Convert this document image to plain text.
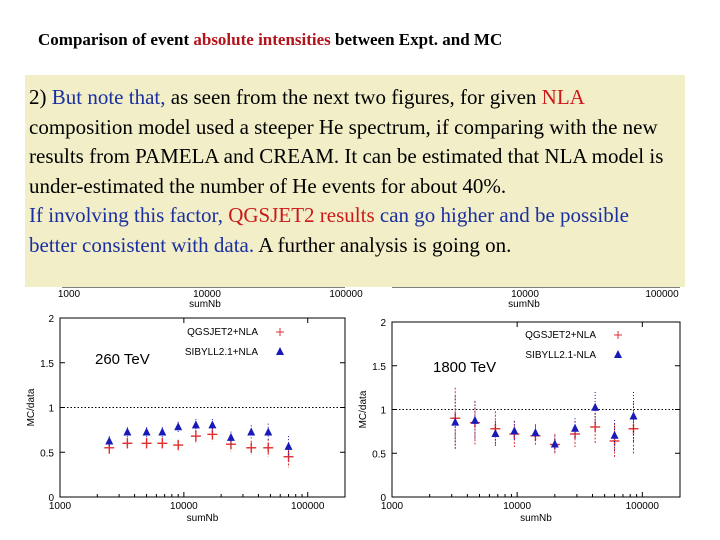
Comparison of event absolute intensities between Expt. and MC

2) But note that, as seen from the next two figures, for given NLA composition model used a steeper He spectrum, if comparing with the new results from PAMELA and CREAM. It can be estimated that NLA model is under-estimated the number of He events for about 40%.

If involving this factor, QGSJET2 results can go higher and be possible better consistent with data. A further analysis is going on.

1000	10000	100000
sumNb
10000	100000
sumNb
0
0.5
1
1.5
2
1000	10000	100000
sumNb
MC/data
260 TeV
QGSJET2+NLA
SIBYLL2.1+NLA
0
0.5
1
1.5
2
1000	10000	100000
sumNb
MC/data
1800 TeV
QGSJET2+NLA
SIBYLL2.1-NLA
